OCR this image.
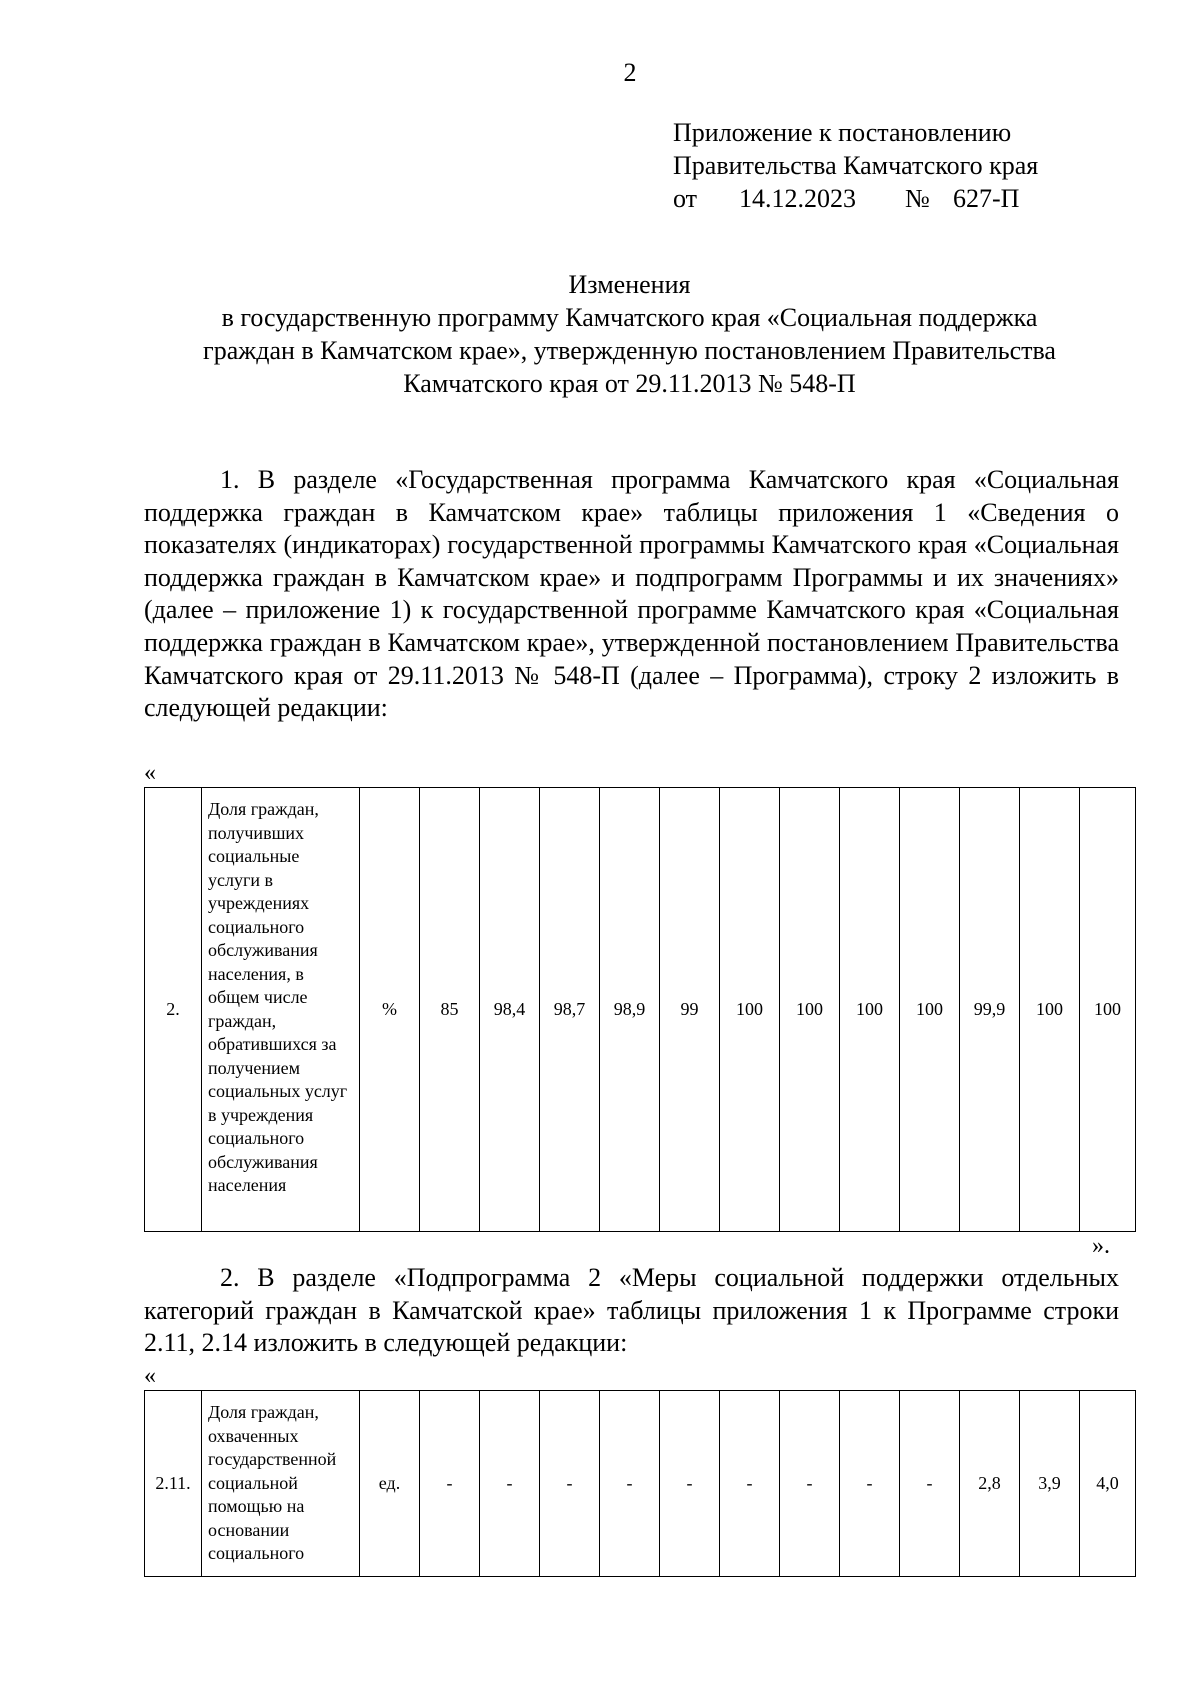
2
Приложение к постановлению
Правительства Камчатского края
от	14.12.2023	№ 627-П
Изменения
в государственную программу Камчатского края «Социальная поддержка
граждан в Камчатском крае», утвержденную постановлением Правительства
Камчатского края от 29.11.2013 № 548-П
1. В разделе «Государственная программа Камчатского края «Социальная поддержка граждан в Камчатском крае» таблицы приложения 1 «Сведения о показателях (индикаторах) государственной программы Камчатского края «Социальная поддержка граждан в Камчатском крае» и подпрограмм Программы и их значениях» (далее – приложение 1) к государственной программе Камчатского края «Социальная поддержка граждан в Камчатском крае», утвержденной постановлением Правительства Камчатского края от 29.11.2013 № 548-П (далее – Программа), строку 2 изложить в следующей редакции:
«
2.	Доля граждан, получивших социальные услуги в учреждениях социального обслуживания населения, в общем числе граждан, обратившихся за получением социальных услуг в учреждения социального обслуживания населения	%	85	98,4	98,7	98,9	99	100	100	100	100	99,9	100	100
».
2. В разделе «Подпрограмма 2 «Меры социальной поддержки отдельных категорий граждан в Камчатской крае» таблицы приложения 1 к Программе строки 2.11, 2.14 изложить в следующей редакции:
«
2.11.	Доля граждан, охваченных государственной социальной помощью на основании социального	ед.	-	-	-	-	-	-	-	-	-	2,8	3,9	4,0
